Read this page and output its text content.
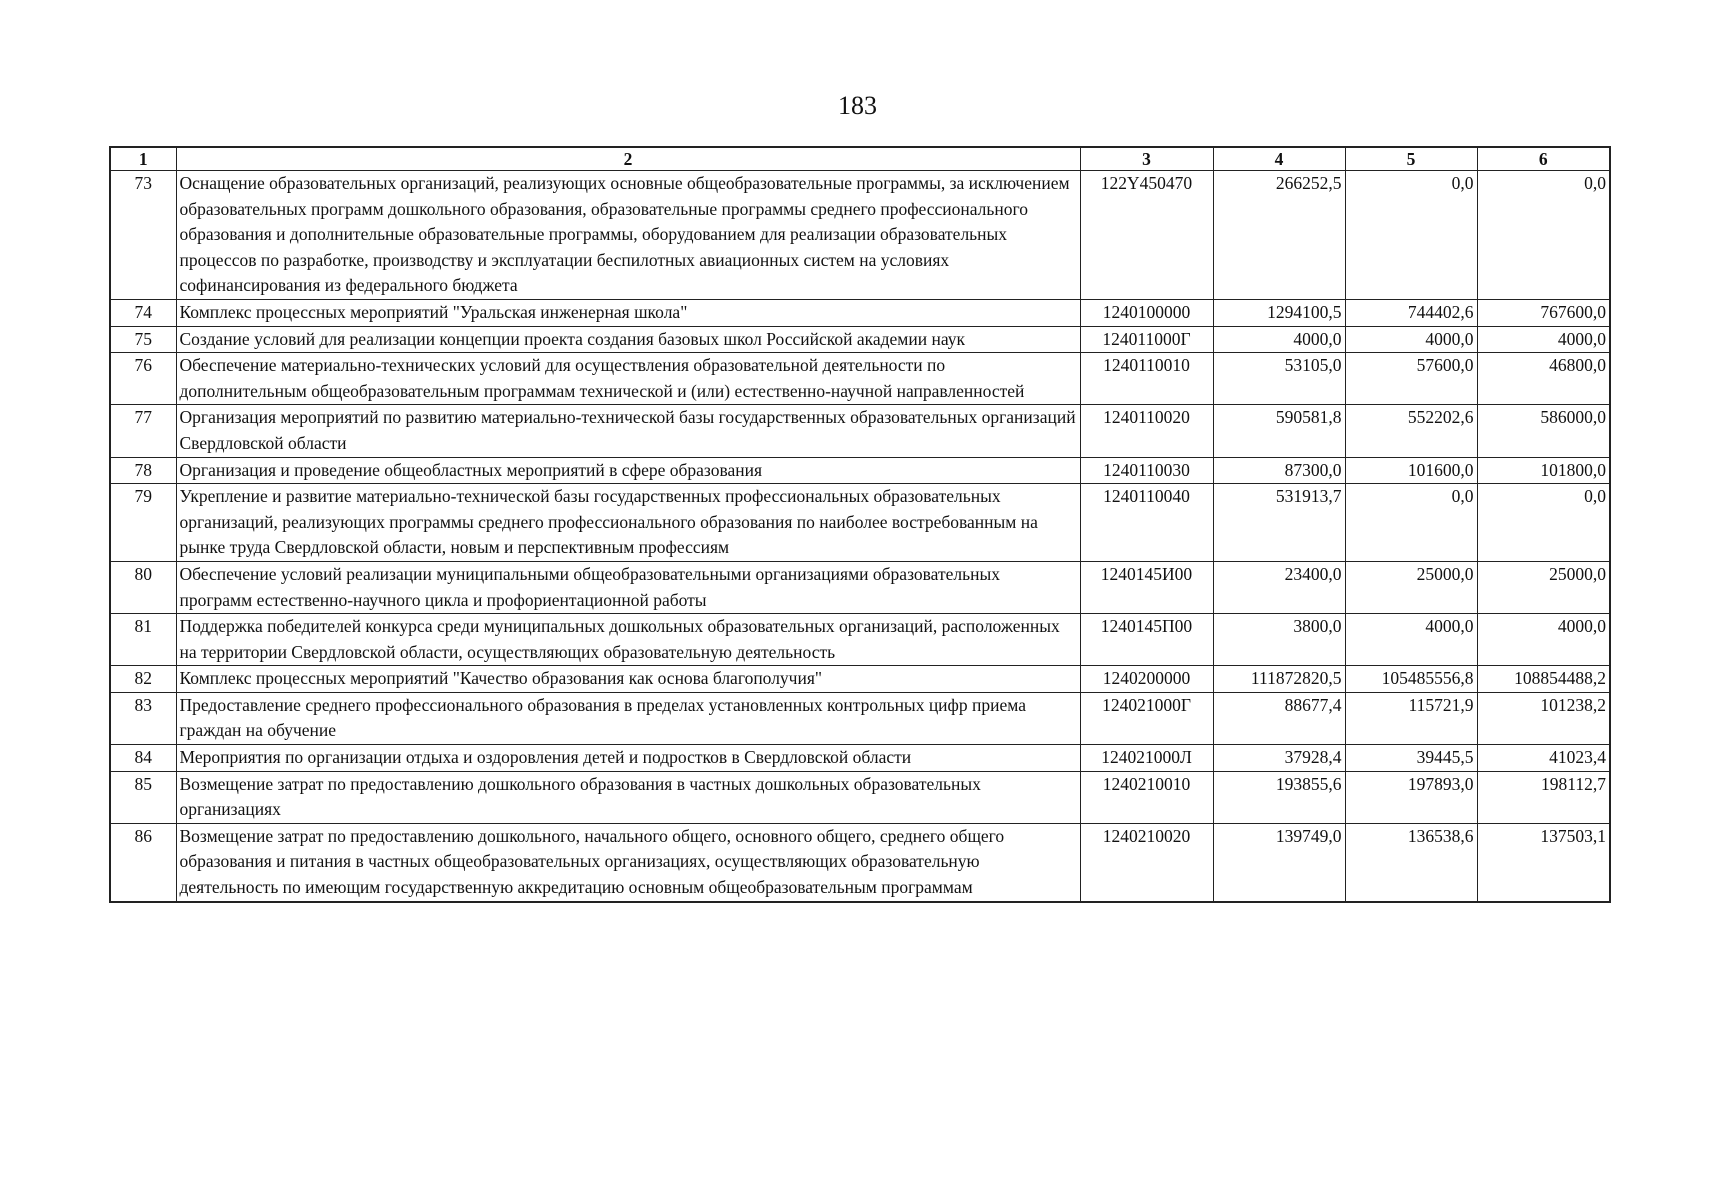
183
1	2	3	4	5	6
73	Оснащение образовательных организаций, реализующих основные общеобразовательные программы, за исключением образовательных программ дошкольного образования, образовательные программы среднего профессионального образования и дополнительные образовательные программы, оборудованием для реализации образовательных процессов по разработке, производству и эксплуатации беспилотных авиационных систем на условиях софинансирования из федерального бюджета	122Y450470	266252,5	0,0	0,0
74	Комплекс процессных мероприятий "Уральская инженерная школа"	1240100000	1294100,5	744402,6	767600,0
75	Создание условий для реализации концепции проекта создания базовых школ Российской академии наук	124011000Г	4000,0	4000,0	4000,0
76	Обеспечение материально-технических условий для осуществления образовательной деятельности по дополнительным общеобразовательным программам технической и (или) естественно-научной направленностей	1240110010	53105,0	57600,0	46800,0
77	Организация мероприятий по развитию материально-технической базы государственных образовательных организаций Свердловской области	1240110020	590581,8	552202,6	586000,0
78	Организация и проведение общеобластных мероприятий в сфере образования	1240110030	87300,0	101600,0	101800,0
79	Укрепление и развитие материально-технической базы государственных профессиональных образовательных организаций, реализующих программы среднего профессионального образования по наиболее востребованным на рынке труда Свердловской области, новым и перспективным профессиям	1240110040	531913,7	0,0	0,0
80	Обеспечение условий реализации муниципальными общеобразовательными организациями образовательных программ естественно-научного цикла и профориентационной работы	1240145И00	23400,0	25000,0	25000,0
81	Поддержка победителей конкурса среди муниципальных дошкольных образовательных организаций, расположенных на территории Свердловской области, осуществляющих образовательную деятельность	1240145П00	3800,0	4000,0	4000,0
82	Комплекс процессных мероприятий "Качество образования как основа благополучия"	1240200000	111872820,5	105485556,8	108854488,2
83	Предоставление среднего профессионального образования в пределах установленных контрольных цифр приема граждан на обучение	124021000Г	88677,4	115721,9	101238,2
84	Мероприятия по организации отдыха и оздоровления детей и подростков в Свердловской области	124021000Л	37928,4	39445,5	41023,4
85	Возмещение затрат по предоставлению дошкольного образования в частных дошкольных образовательных организациях	1240210010	193855,6	197893,0	198112,7
86	Возмещение затрат по предоставлению дошкольного, начального общего, основного общего, среднего общего образования и питания в частных общеобразовательных организациях, осуществляющих образовательную деятельность по имеющим государственную аккредитацию основным общеобразовательным программам	1240210020	139749,0	136538,6	137503,1
